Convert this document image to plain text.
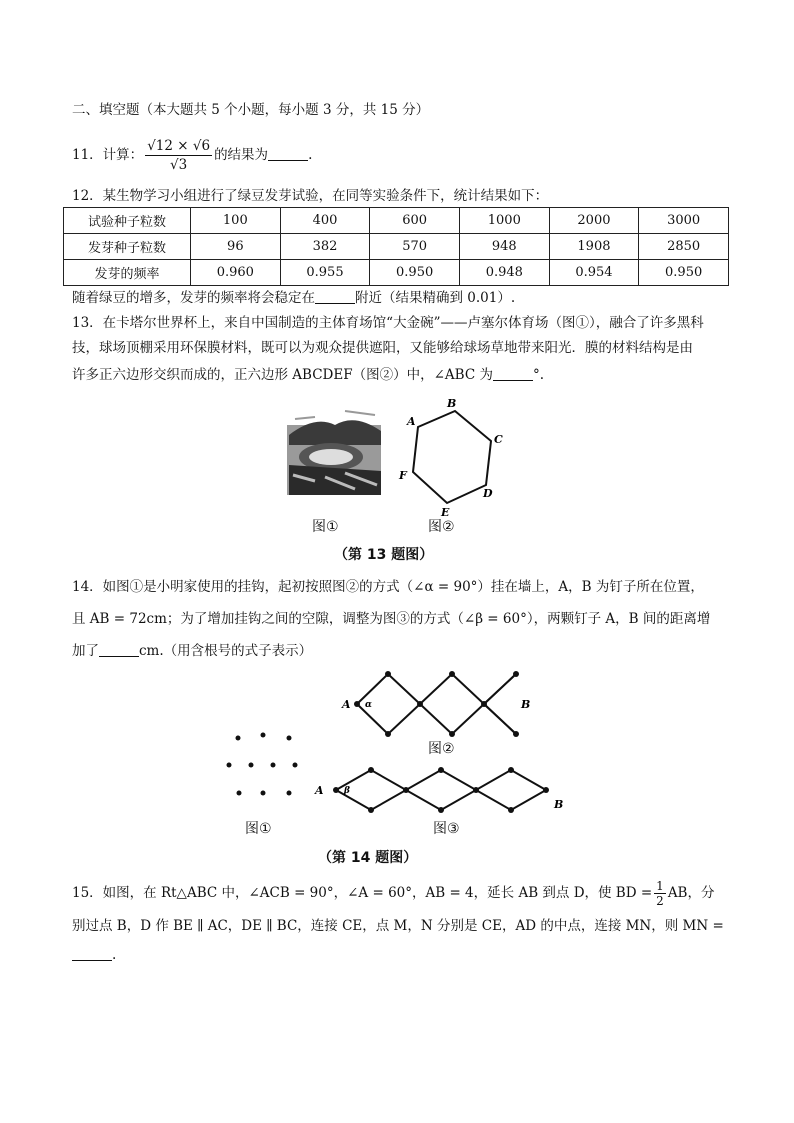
二、填空题（本大题共 5 个小题，每小题 3 分，共 15 分）
11．计算： $\frac{√12 \times √6}{√3}$ 的结果为	.
12．某生物学习小组进行了绿豆发芽试验，在同等实验条件下，统计结果如下：
试验种子粒数	100	400	600	1000	2000	3000
发芽种子粒数	96	382	570	948	1908	2850
发芽的频率	0.960	0.955	0.950	0.948	0.954	0.950
随着绿豆的增多，发芽的频率将会稳定在	附近（结果精确到 0.01）.
13．在卡塔尔世界杯上，来自中国制造的主体育场馆“大金碗”——卢塞尔体育场（图①），融合了许多黑科
技，球场顶棚采用环保膜材料，既可以为观众提供遮阳，又能够给球场草地带来阳光．膜的材料结构是由
许多正六边形交织而成的，正六边形 ABCDEF（图②）中，∠ABC 为	°.
图①
A
B
C
D
E
F
图②
（第 13 题图）
14．如图①是小明家使用的挂钩，起初按照图②的方式（∠α = 90°）挂在墙上，A，B 为钉子所在位置，
且 AB = 72cm；为了增加挂钩之间的空隙，调整为图③的方式（∠β = 60°），两颗钉子 A，B 间的距离增
加了	cm.（用含根号的式子表示）
A α	B
图②
图①
A β
B
图③
（第 14 题图）
15．如图，在 Rt△ABC 中，∠ACB = 90°，∠A = 60°，AB = 4，延长 AB 到点 D，使 BD = $\frac{1}{2}$ AB，分
别过点 B，D 作 BE ∥ AC，DE ∥ BC，连接 CE，点 M，N 分别是 CE，AD 的中点，连接 MN，则 MN =
.
